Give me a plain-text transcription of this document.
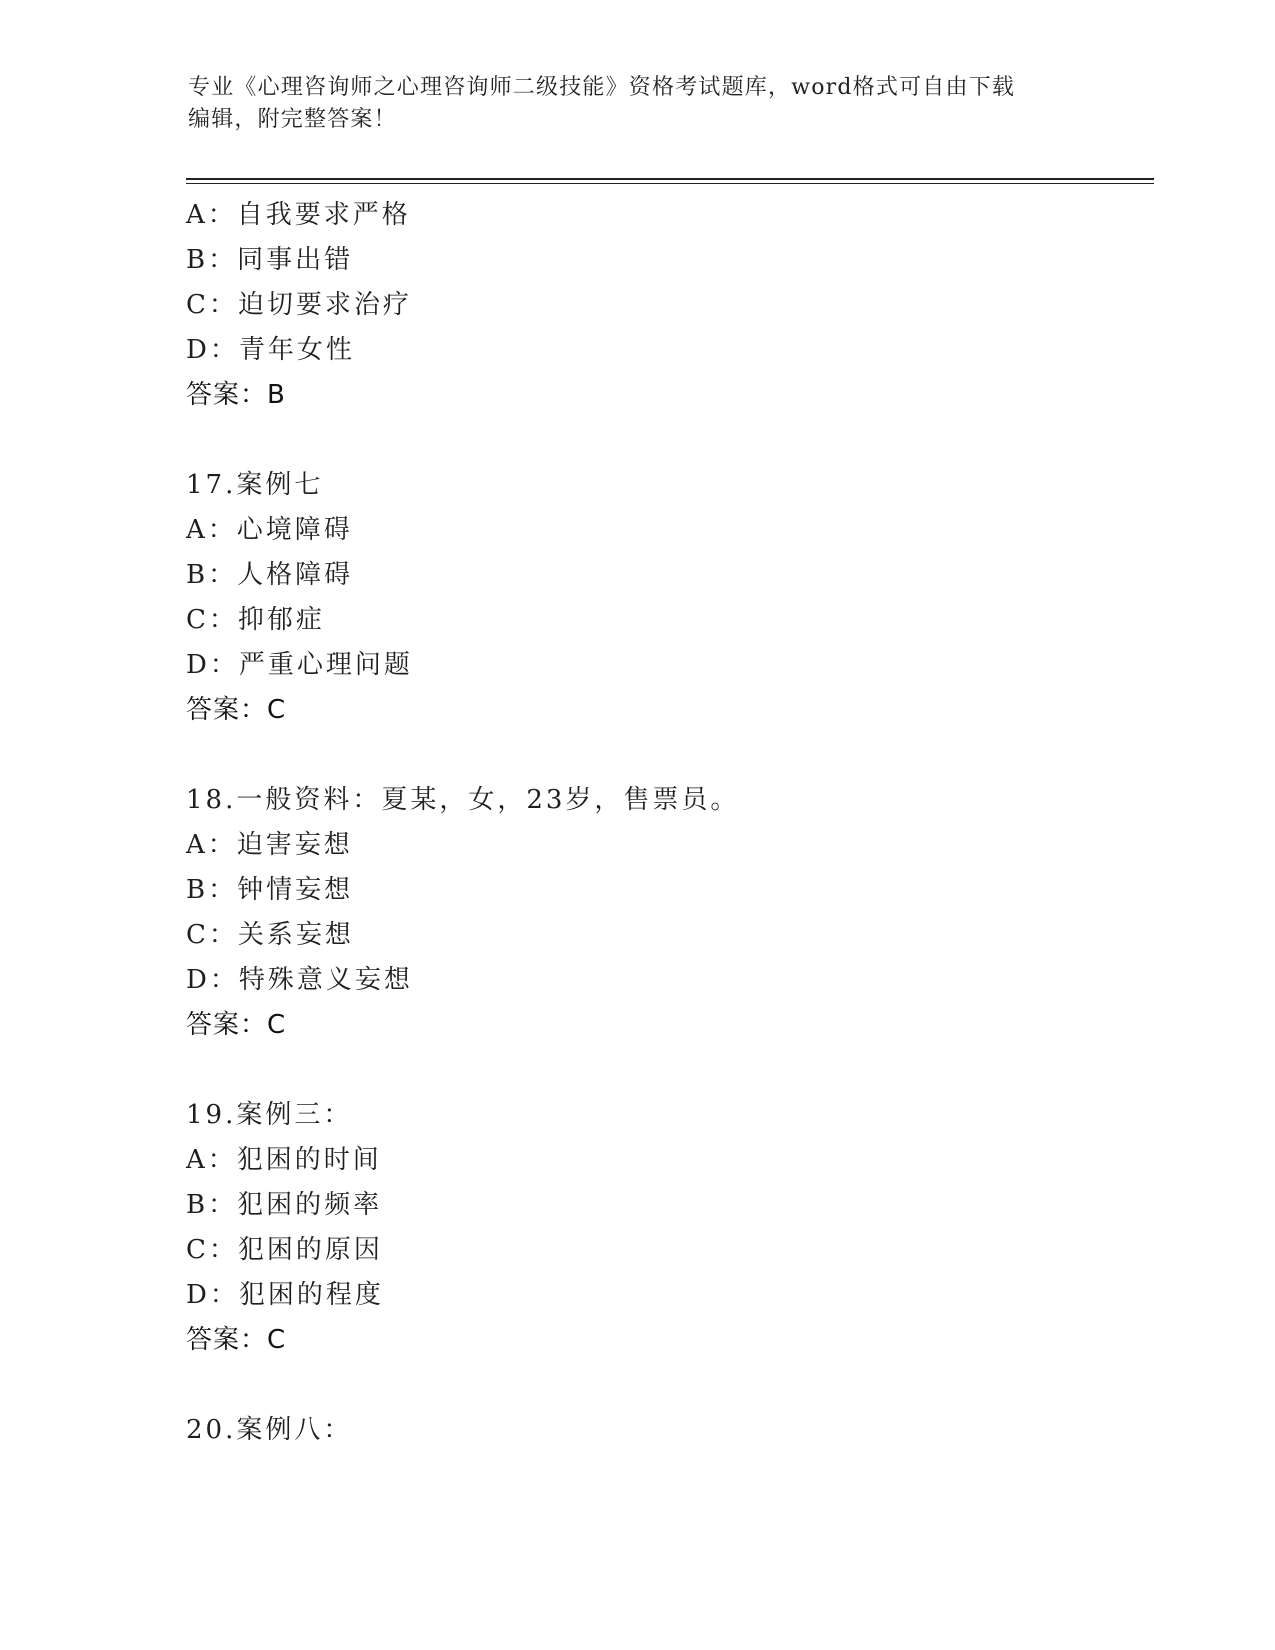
专业《心理咨询师之心理咨询师二级技能》资格考试题库，word格式可自由下载
编辑，附完整答案！
A：自我要求严格
B：同事出错
C：迫切要求治疗
D：青年女性
答案：B
17.案例七
A：心境障碍
B：人格障碍
C：抑郁症
D：严重心理问题
答案：C
18.一般资料：夏某，女，23岁，售票员。
A：迫害妄想
B：钟情妄想
C：关系妄想
D：特殊意义妄想
答案：C
19.案例三：
A：犯困的时间
B：犯困的频率
C：犯困的原因
D：犯困的程度
答案：C
20.案例八：
